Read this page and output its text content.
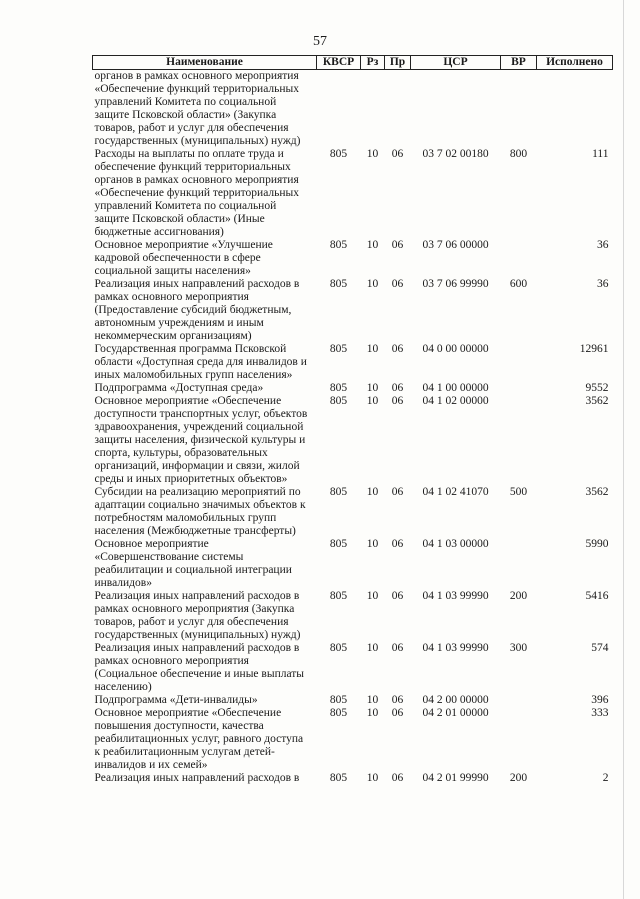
57
Наименование	КВСР	Рз	Пр	ЦСР	ВР	Исполнено
органов в рамках основного мероприятия «Обеспечение функций территориальных управлений Комитета по социальной защите Псковской области» (Закупка товаров, работ и услуг для обеспечения государственных (муниципальных) нужд)						
Расходы на выплаты по оплате труда и обеспечение функций территориальных органов в рамках основного мероприятия «Обеспечение функций территориальных управлений Комитета по социальной защите Псковской области» (Иные бюджетные ассигнования)	805	10	06	03 7 02 00180	800	111
Основное мероприятие «Улучшение кадровой обеспеченности в сфере социальной защиты населения»	805	10	06	03 7 06 00000		36
Реализация иных направлений расходов в рамках основного мероприятия (Предоставление субсидий бюджетным, автономным учреждениям и иным некоммерческим организациям)	805	10	06	03 7 06 99990	600	36
Государственная программа Псковской области «Доступная среда для инвалидов и иных маломобильных групп населения»	805	10	06	04 0 00 00000		12961
Подпрограмма «Доступная среда»	805	10	06	04 1 00 00000		9552
Основное мероприятие «Обеспечение доступности транспортных услуг, объектов здравоохранения, учреждений социальной защиты населения, физической культуры и спорта, культуры, образовательных организаций, информации и связи, жилой среды и иных приоритетных объектов»	805	10	06	04 1 02 00000		3562
Субсидии на реализацию мероприятий по адаптации социально значимых объектов к потребностям маломобильных групп населения (Межбюджетные трансферты)	805	10	06	04 1 02 41070	500	3562
Основное мероприятие «Совершенствование системы реабилитации и социальной интеграции инвалидов»	805	10	06	04 1 03 00000		5990
Реализация иных направлений расходов в рамках основного мероприятия (Закупка товаров, работ и услуг для обеспечения государственных (муниципальных) нужд)	805	10	06	04 1 03 99990	200	5416
Реализация иных направлений расходов в рамках основного мероприятия (Социальное обеспечение и иные выплаты населению)	805	10	06	04 1 03 99990	300	574
Подпрограмма «Дети-инвалиды»	805	10	06	04 2 00 00000		396
Основное мероприятие «Обеспечение повышения доступности, качества реабилитационных услуг, равного доступа к реабилитационным услугам детей-инвалидов и их семей»	805	10	06	04 2 01 00000		333
Реализация иных направлений расходов в	805	10	06	04 2 01 99990	200	2
